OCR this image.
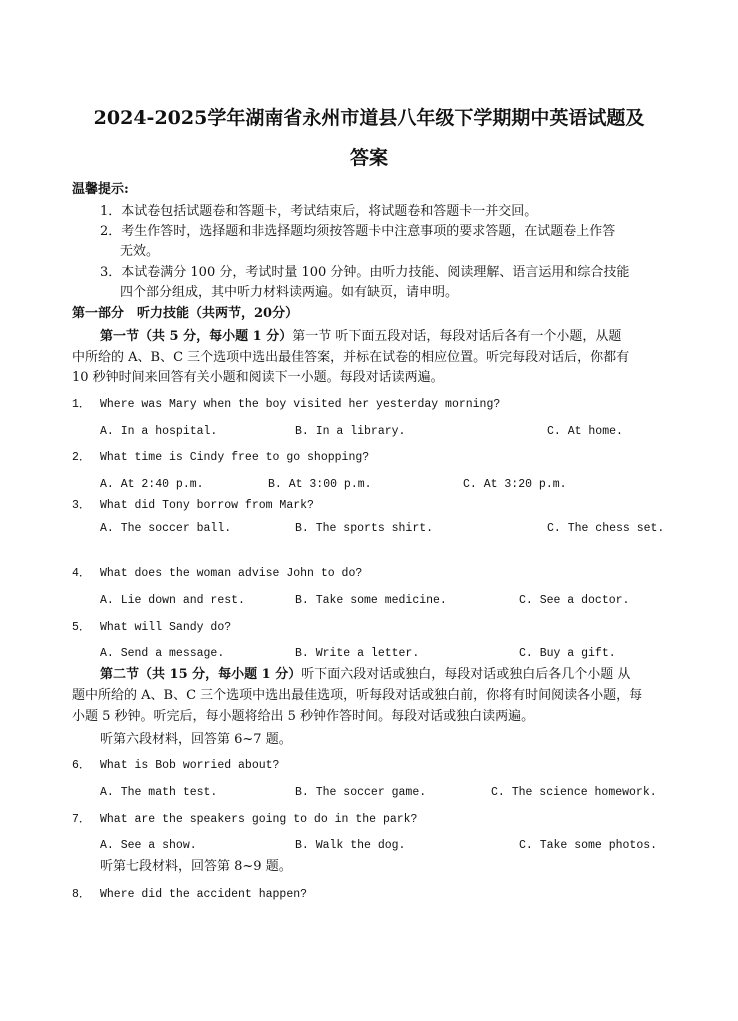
2024-2025学年湖南省永州市道县八年级下学期期中英语试题及
答案
温馨提示:
1．本试卷包括试题卷和答题卡，考试结束后，将试题卷和答题卡一并交回。
2．考生作答时，选择题和非选择题均须按答题卡中注意事项的要求答题，在试题卷上作答
无效。
3．本试卷满分 100 分，考试时量 100 分钟。由听力技能、阅读理解、语言运用和综合技能
四个部分组成，其中听力材料读两遍。如有缺页，请申明。
第一部分　听力技能（共两节，20分）
第一节（共 5 分，每小题 1 分）第一节 听下面五段对话，每段对话后各有一个小题，从题
中所给的 A、B、C 三个选项中选出最佳答案，并标在试卷的相应位置。听完每段对话后，你都有
10 秒钟时间来回答有关小题和阅读下一小题。每段对话读两遍。
1． Where was Mary when the boy visited her yesterday morning?
A. In a hospital.	B. In a library.	C. At home.
2． What time is Cindy free to go shopping?
A. At 2:40 p.m.	B. At 3:00 p.m.	C. At 3:20 p.m.
3． What did Tony borrow from Mark?
A. The soccer ball.	B. The sports shirt.	C. The chess set.
4． What does the woman advise John to do?
A. Lie down and rest.	B. Take some medicine.	C. See a doctor.
5． What will Sandy do?
A. Send a message.	B. Write a letter.	C. Buy a gift.
6． What is Bob worried about?
A. The math test.	B. The soccer game.	C. The science homework.
7． What are the speakers going to do in the park?
A. See a show.	B. Walk the dog.	C. Take some photos.
8． Where did the accident happen?
第二节（共 15 分，每小题 1 分）听下面六段对话或独白，每段对话或独白后各几个小题 从
题中所给的 A、B、C 三个选项中选出最佳选项，听每段对话或独白前，你将有时间阅读各小题，每
小题 5 秒钟。听完后，每小题将给出 5 秒钟作答时间。每段对话或独白读两遍。
听第六段材料，回答第 6~7 题。
听第七段材料，回答第 8~9 题。
